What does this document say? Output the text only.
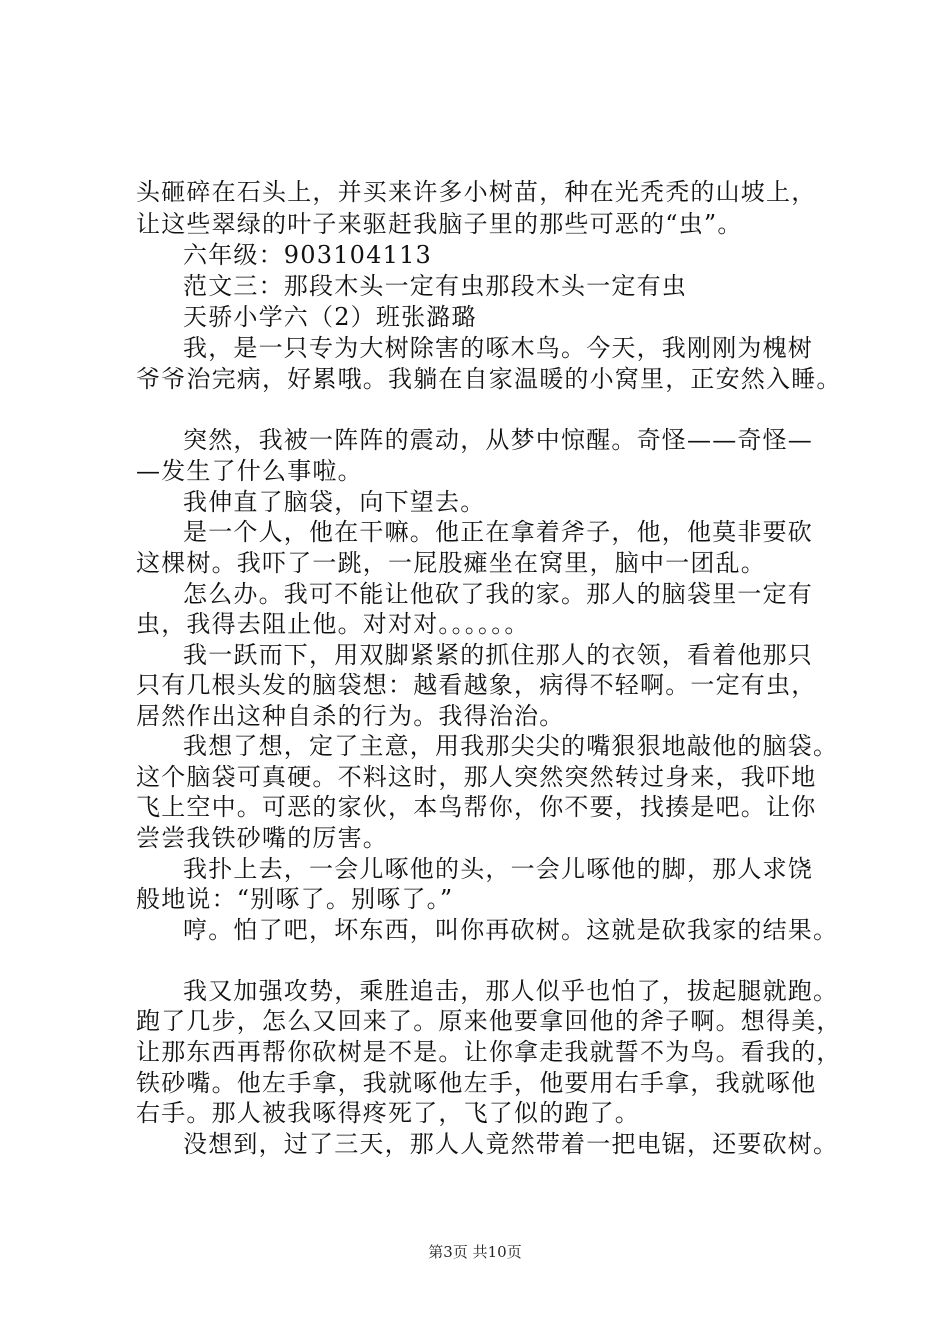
头砸碎在石头上，并买来许多小树苗，种在光秃秃的山坡上，
让这些翠绿的叶子来驱赶我脑子里的那些可恶的“虫”。
六年级：903104113
范文三：那段木头一定有虫那段木头一定有虫
天骄小学六（2）班张潞璐
我，是一只专为大树除害的啄木鸟。今天，我刚刚为槐树
爷爷治完病，好累哦。我躺在自家温暖的小窝里，正安然入睡。
突然，我被一阵阵的震动，从梦中惊醒。奇怪——奇怪—
—发生了什么事啦。
我伸直了脑袋，向下望去。
是一个人，他在干嘛。他正在拿着斧子，他，他莫非要砍
这棵树。我吓了一跳，一屁股瘫坐在窝里，脑中一团乱。
怎么办。我可不能让他砍了我的家。那人的脑袋里一定有
虫，我得去阻止他。对对对。。。。。。
我一跃而下，用双脚紧紧的抓住那人的衣领，看着他那只
只有几根头发的脑袋想：越看越象，病得不轻啊。一定有虫，
居然作出这种自杀的行为。我得治治。
我想了想，定了主意，用我那尖尖的嘴狠狠地敲他的脑袋。
这个脑袋可真硬。不料这时，那人突然突然转过身来，我吓地
飞上空中。可恶的家伙，本鸟帮你，你不要，找揍是吧。让你
尝尝我铁砂嘴的厉害。
我扑上去，一会儿啄他的头，一会儿啄他的脚，那人求饶
般地说：“别啄了。别啄了。”
哼。怕了吧，坏东西，叫你再砍树。这就是砍我家的结果。
我又加强攻势，乘胜追击，那人似乎也怕了，拔起腿就跑。
跑了几步，怎么又回来了。原来他要拿回他的斧子啊。想得美，
让那东西再帮你砍树是不是。让你拿走我就誓不为鸟。看我的，
铁砂嘴。他左手拿，我就啄他左手，他要用右手拿，我就啄他
右手。那人被我啄得疼死了，飞了似的跑了。
没想到，过了三天，那人人竟然带着一把电锯，还要砍树。
第3页 共10页
